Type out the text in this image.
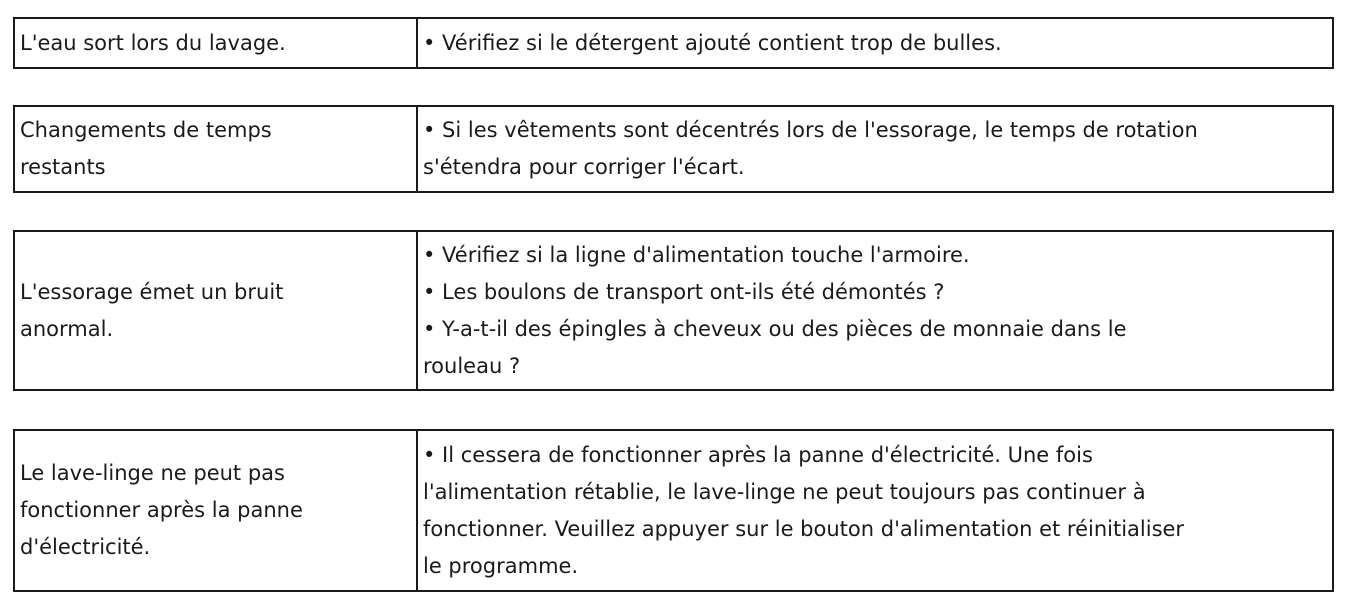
L'eau sort lors du lavage.	• Vérifiez si le détergent ajouté contient trop de bulles.
Changements de temps
restants
• Si les vêtements sont décentrés lors de l'essorage, le temps de rotation
s'étendra pour corriger l'écart.
L'essorage émet un bruit
anormal.
• Vérifiez si la ligne d'alimentation touche l'armoire.
• Les boulons de transport ont-ils été démontés ?
• Y-a-t-il des épingles à cheveux ou des pièces de monnaie dans le
rouleau ?
Le lave-linge ne peut pas
fonctionner après la panne
d'électricité.
• Il cessera de fonctionner après la panne d'électricité. Une fois
l'alimentation rétablie, le lave-linge ne peut toujours pas continuer à
fonctionner. Veuillez appuyer sur le bouton d'alimentation et réinitialiser
le programme.
